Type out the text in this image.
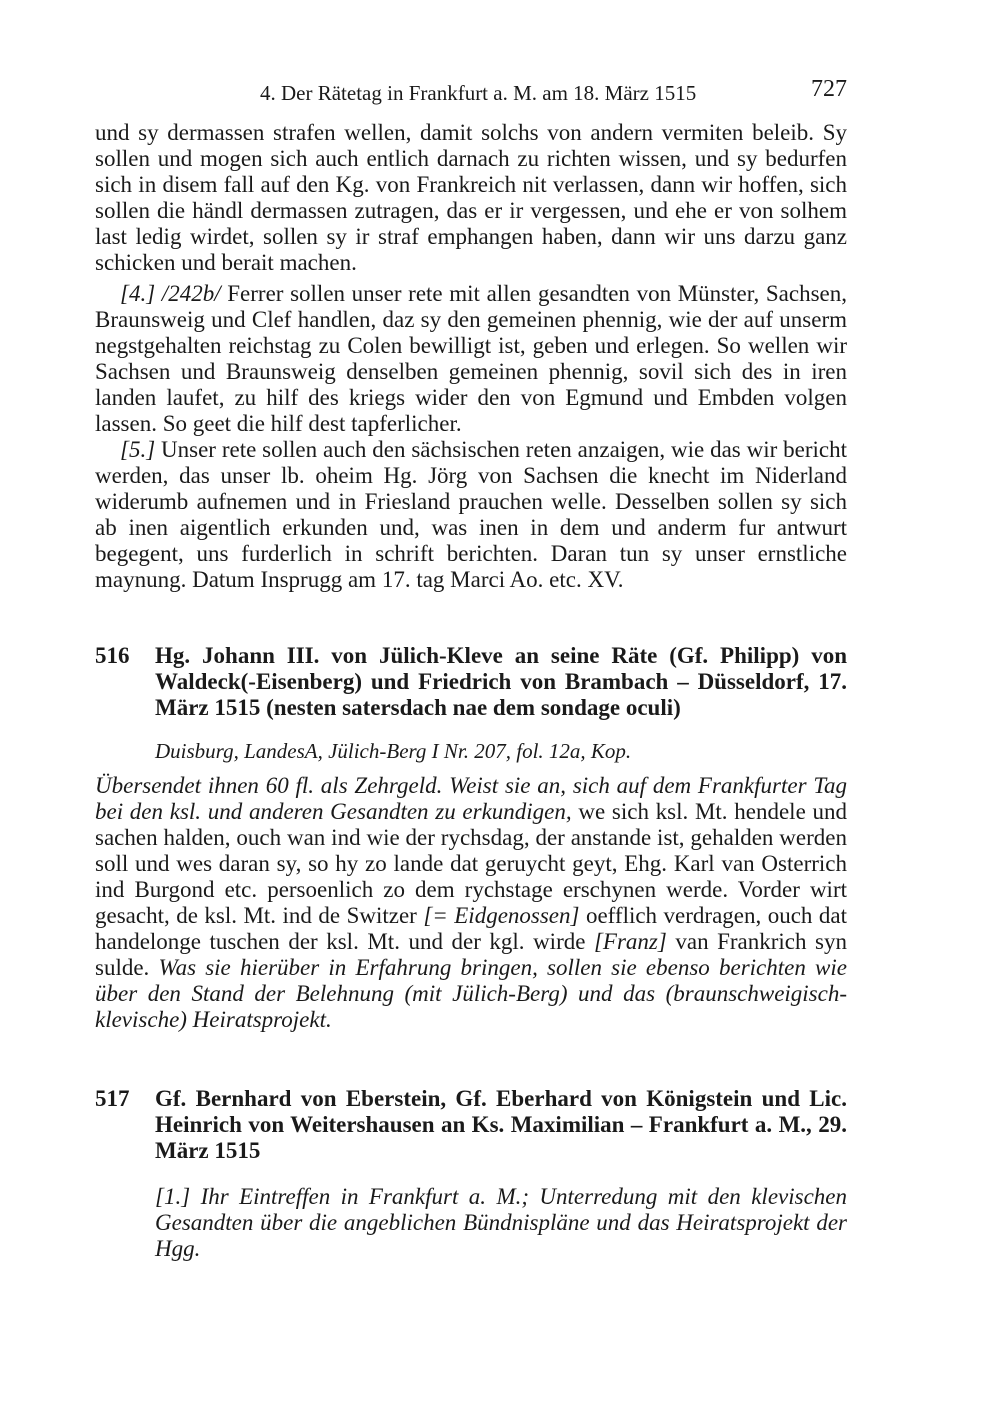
4. Der Rätetag in Frankfurt a. M. am 18. März 1515	727

und sy dermassen strafen wellen, damit solchs von andern vermiten beleib. Sy sollen und mogen sich auch entlich darnach zu richten wissen, und sy bedurfen sich in disem fall auf den Kg. von Frankreich nit verlassen, dann wir hoffen, sich sollen die händl dermassen zutragen, das er ir vergessen, und ehe er von solhem last ledig wirdet, sollen sy ir straf emphangen haben, dann wir uns darzu ganz schicken und berait machen.

[4.] /242b/ Ferrer sollen unser rete mit allen gesandten von Münster, Sachsen, Braunsweig und Clef handlen, daz sy den gemeinen phennig, wie der auf unserm negstgehalten reichstag zu Colen bewilligt ist, geben und erlegen. So wellen wir Sachsen und Braunsweig denselben gemeinen phennig, sovil sich des in iren landen laufet, zu hilf des kriegs wider den von Egmund und Embden volgen lassen. So geet die hilf dest tapferlicher.

[5.] Unser rete sollen auch den sächsischen reten anzaigen, wie das wir bericht werden, das unser lb. oheim Hg. Jörg von Sachsen die knecht im Niderland widerumb aufnemen und in Friesland prauchen welle. Desselben sollen sy sich ab inen aigentlich erkunden und, was inen in dem und anderm fur antwurt begegent, uns furderlich in schrift berichten. Daran tun sy unser ernstliche maynung. Datum Insprugg am 17. tag Marci Ao. etc. XV.

516 Hg. Johann III. von Jülich-Kleve an seine Räte (Gf. Philipp) von Waldeck(-Eisenberg) und Friedrich von Brambach – Düsseldorf, 17. März 1515 (nesten satersdach nae dem sondage oculi)
Duisburg, LandesA, Jülich-Berg I Nr. 207, fol. 12a, Kop.

Übersendet ihnen 60 fl. als Zehrgeld. Weist sie an, sich auf dem Frankfurter Tag bei den ksl. und anderen Gesandten zu erkundigen, we sich ksl. Mt. hendele und sachen halden, ouch wan ind wie der rychsdag, der anstande ist, gehalden werden soll und wes daran sy, so hy zo lande dat geruycht geyt, Ehg. Karl van Osterrich ind Burgond etc. persoenlich zo dem rychstage erschynen werde. Vorder wirt gesacht, de ksl. Mt. ind de Switzer [= Eidgenossen] oefflich verdragen, ouch dat handelonge tuschen der ksl. Mt. und der kgl. wirde [Franz] van Frankrich syn sulde. Was sie hierüber in Erfahrung bringen, sollen sie ebenso berichten wie über den Stand der Belehnung (mit Jülich-Berg) und das (braunschweigisch-klevische) Heiratsprojekt.

517 Gf. Bernhard von Eberstein, Gf. Eberhard von Königstein und Lic. Heinrich von Weitershausen an Ks. Maximilian – Frankfurt a. M., 29. März 1515
[1.] Ihr Eintreffen in Frankfurt a. M.; Unterredung mit den klevischen Gesandten über die angeblichen Bündnispläne und das Heiratsprojekt der Hgg.
